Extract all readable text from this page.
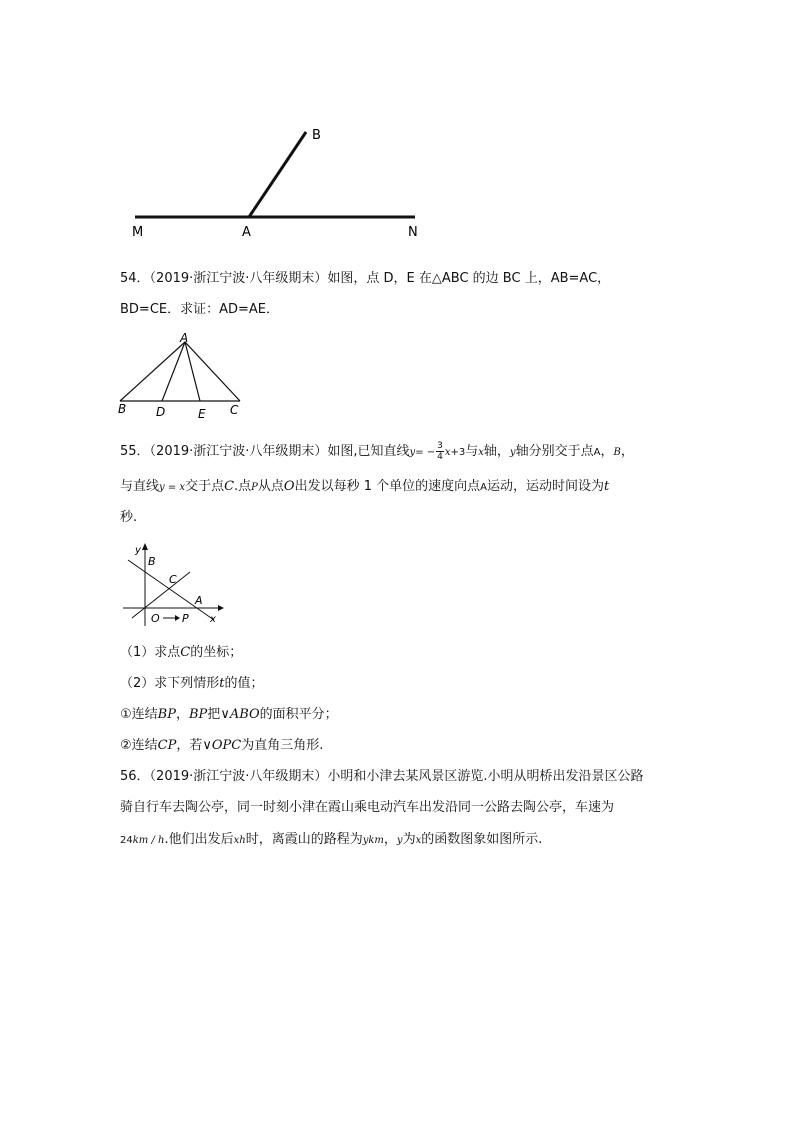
M	A	N
B
54．（2019·浙江宁波·八年级期末）如图，点 D，E 在△ABC 的边 BC 上，AB=AC，
BD=CE．求证：AD=AE．
A
B D	E C
55．（2019·浙江宁波·八年级期末）如图,已知直线$y= - \frac{3}{4} x+3$与x轴，y轴分别交于点A，B，
与直线y = x交于点C.点P从点O出发以每秒 1 个单位的速度向点A运动，运动时间设为t
秒.
y
B
C
A
O P x
（1）求点C的坐标；
（2）求下列情形t的值；
①连结BP，BP把∨ABO的面积平分；
②连结CP，若∨OPC为直角三角形.
56．（2019·浙江宁波·八年级期末）小明和小津去某风景区游览.小明从明桥出发沿景区公路
骑自行车去陶公亭，同一时刻小津在霞山乘电动汽车出发沿同一公路去陶公亭，车速为
24km / h.他们出发后xh时，离霞山的路程为ykm，y为x的函数图象如图所示.
